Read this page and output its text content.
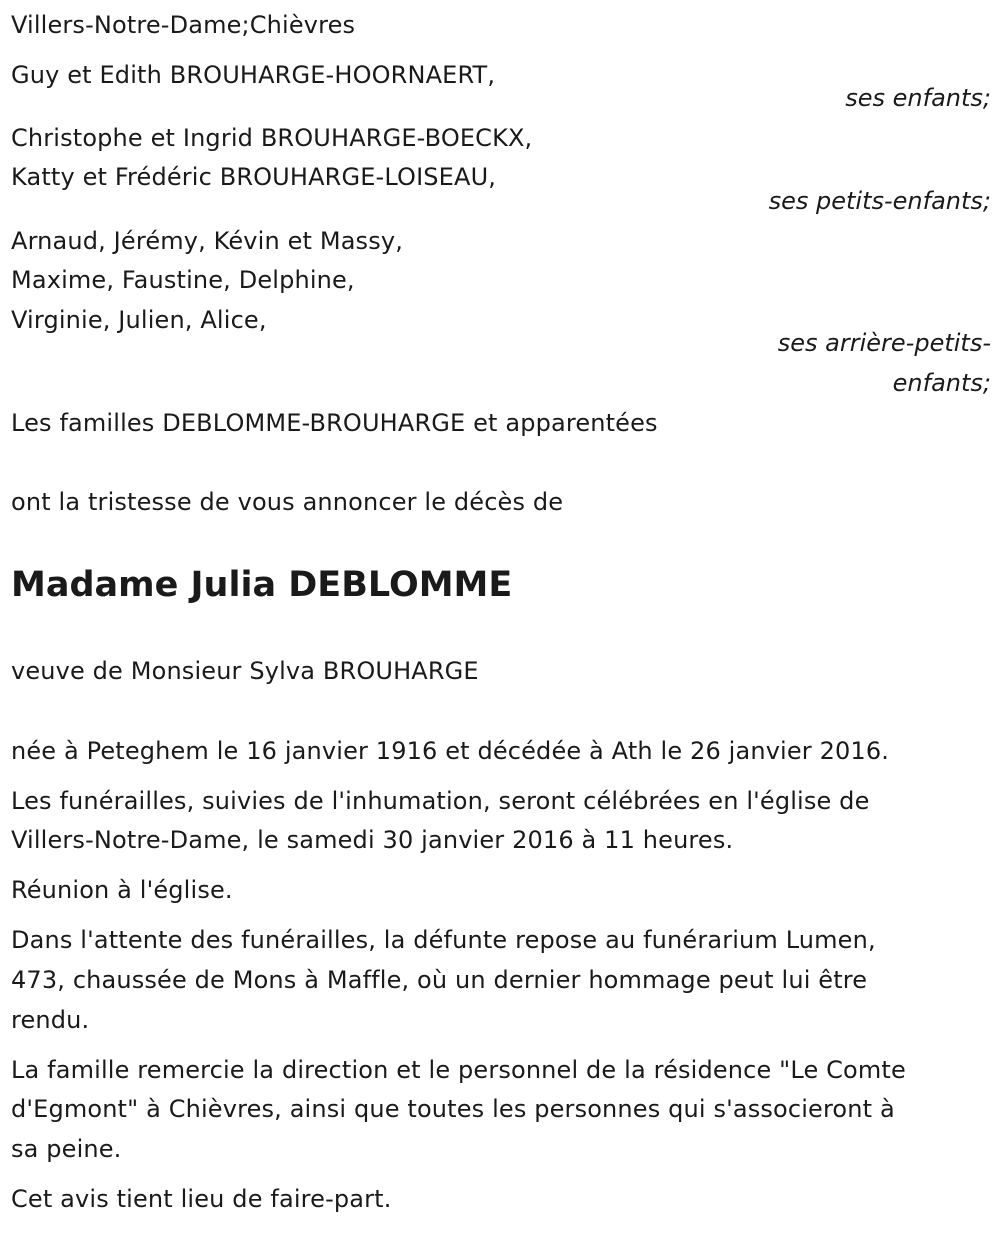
Villers-Notre-Dame;Chièvres
Guy et Edith BROUHARGE-HOORNAERT,
ses enfants;
Christophe et Ingrid BROUHARGE-BOECKX,
Katty et Frédéric BROUHARGE-LOISEAU,
ses petits-enfants;
Arnaud, Jérémy, Kévin et Massy,
Maxime, Faustine, Delphine,
Virginie, Julien, Alice,
ses arrière-petits-
enfants;
Les familles DEBLOMME-BROUHARGE et apparentées
ont la tristesse de vous annoncer le décès de
Madame Julia DEBLOMME
veuve de Monsieur Sylva BROUHARGE
née à Peteghem le 16 janvier 1916 et décédée à Ath le 26 janvier 2016.
Les funérailles, suivies de l'inhumation, seront célébrées en l'église de
Villers-Notre-Dame, le samedi 30 janvier 2016 à 11 heures.
Réunion à l'église.
Dans l'attente des funérailles, la défunte repose au funérarium Lumen,
473, chaussée de Mons à Maffle, où un dernier hommage peut lui être
rendu.
La famille remercie la direction et le personnel de la résidence "Le Comte
d'Egmont" à Chièvres, ainsi que toutes les personnes qui s'associeront à
sa peine.
Cet avis tient lieu de faire-part.
